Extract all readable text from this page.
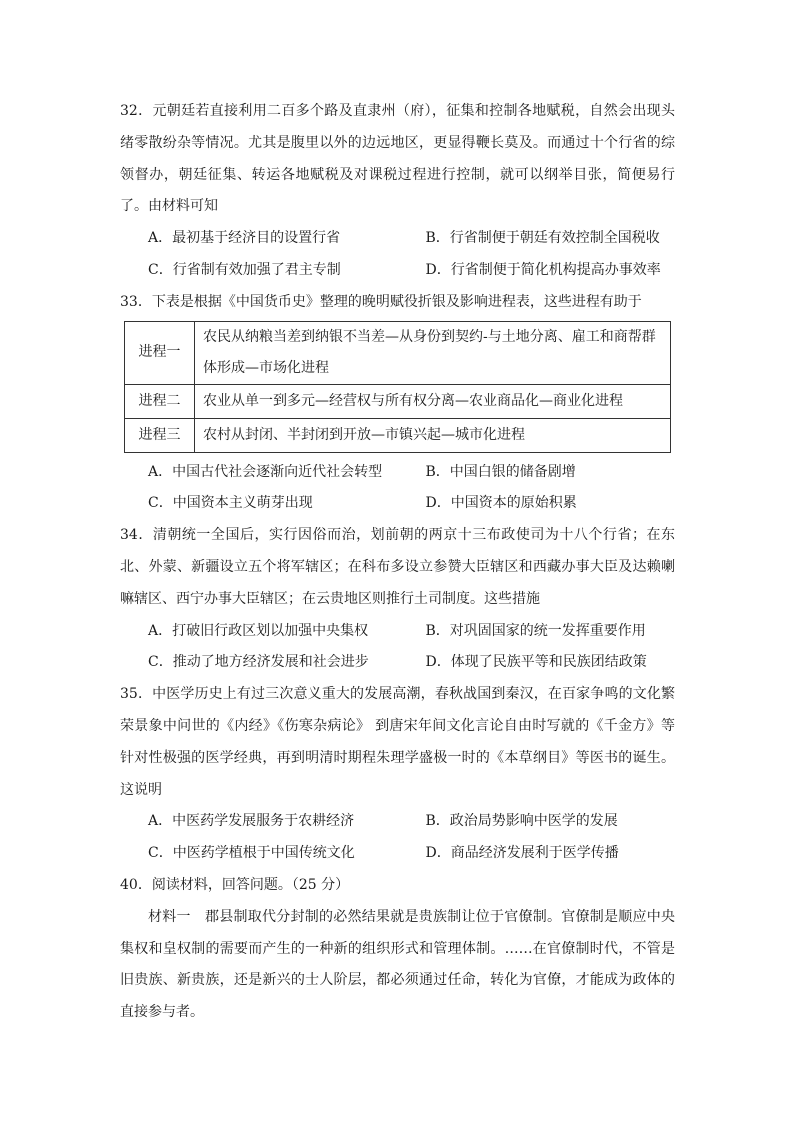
32．元朝廷若直接利用二百多个路及直隶州（府），征集和控制各地赋税，自然会出现头绪零散纷杂等情况。尤其是腹里以外的边远地区，更显得鞭长莫及。而通过十个行省的综领督办，朝廷征集、转运各地赋税及对课税过程进行控制，就可以纲举目张，简便易行了。由材料可知

A．最初基于经济目的设置行省	B．行省制便于朝廷有效控制全国税收
C．行省制有效加强了君主专制	D．行省制便于简化机构提高办事效率

33．下表是根据《中国货币史》整理的晚明赋役折银及影响进程表，这些进程有助于

进程一	农民从纳粮当差到纳银不当差—从身份到契约-与土地分离、雇工和商帮群体形成—市场化进程
进程二	农业从单一到多元—经营权与所有权分离—农业商品化—商业化进程
进程三	农村从封闭、半封闭到开放—市镇兴起—城市化进程
A．中国古代社会逐渐向近代社会转型	B．中国白银的储备剧增
C．中国资本主义萌芽出现	D．中国资本的原始积累

34．清朝统一全国后，实行因俗而治，划前朝的两京十三布政使司为十八个行省；在东北、外蒙、新疆设立五个将军辖区；在科布多设立参赞大臣辖区和西藏办事大臣及达赖喇嘛辖区、西宁办事大臣辖区；在云贵地区则推行土司制度。这些措施

A．打破旧行政区划以加强中央集权	B．对巩固国家的统一发挥重要作用
C．推动了地方经济发展和社会进步	D．体现了民族平等和民族团结政策

35．中医学历史上有过三次意义重大的发展高潮，春秋战国到秦汉，在百家争鸣的文化繁荣景象中问世的《内经》《伤寒杂病论》 到唐宋年间文化言论自由时写就的《千金方》等针对性极强的医学经典，再到明清时期程朱理学盛极一时的《本草纲目》等医书的诞生。这说明

A．中医药学发展服务于农耕经济	B．政治局势影响中医学的发展
C．中医药学植根于中国传统文化	D．商品经济发展利于医学传播

40．阅读材料，回答问题。（25 分）

材料一　郡县制取代分封制的必然结果就是贵族制让位于官僚制。官僚制是顺应中央集权和皇权制的需要而产生的一种新的组织形式和管理体制。……在官僚制时代，不管是旧贵族、新贵族，还是新兴的士人阶层，都必须通过任命，转化为官僚，才能成为政体的直接参与者。
